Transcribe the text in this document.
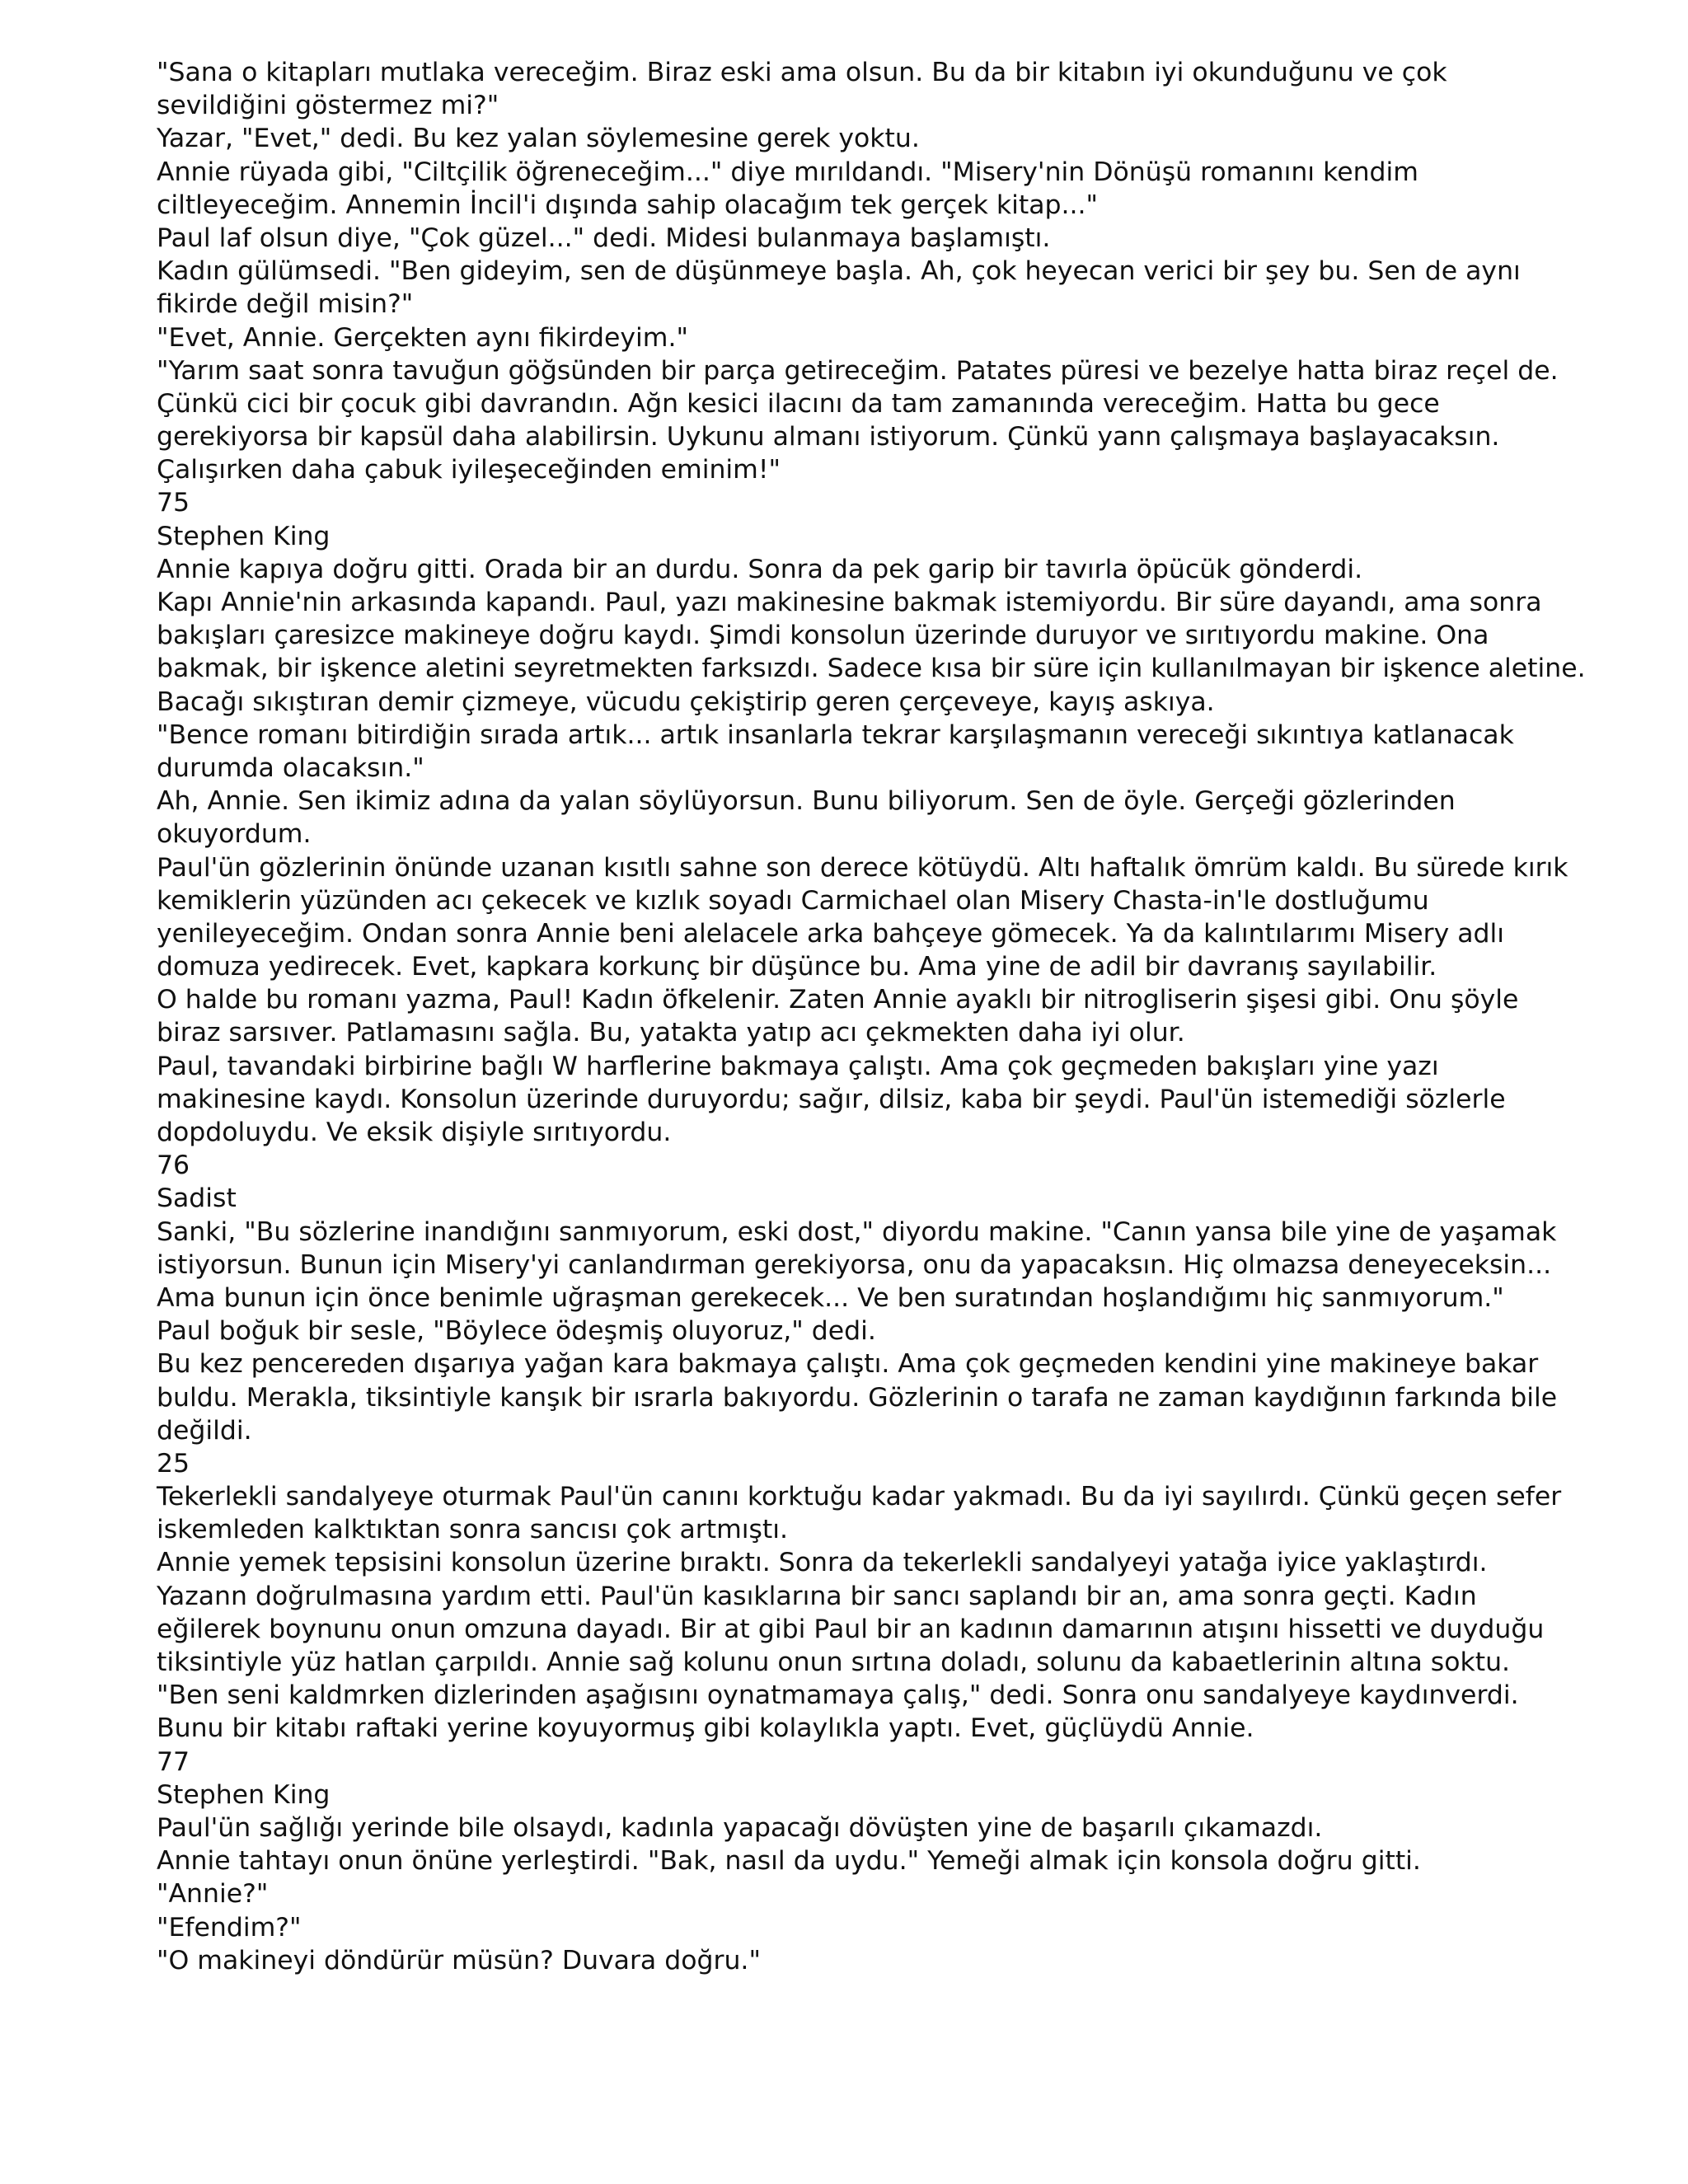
"Sana o kitapları mutlaka vereceğim. Biraz eski ama olsun. Bu da bir kitabın iyi okunduğunu ve çok
sevildiğini göstermez mi?"
Yazar, "Evet," dedi. Bu kez yalan söylemesine gerek yoktu.
Annie rüyada gibi, "Ciltçilik öğreneceğim..." diye mırıldandı. "Misery'nin Dönüşü romanını kendim
ciltleyeceğim. Annemin İncil'i dışında sahip olacağım tek gerçek kitap..."
Paul laf olsun diye, "Çok güzel..." dedi. Midesi bulanmaya başlamıştı.
Kadın gülümsedi. "Ben gideyim, sen de düşünmeye başla. Ah, çok heyecan verici bir şey bu. Sen de aynı
fikirde değil misin?"
"Evet, Annie. Gerçekten aynı fikirdeyim."
"Yarım saat sonra tavuğun göğsünden bir parça getireceğim. Patates püresi ve bezelye hatta biraz reçel de.
Çünkü cici bir çocuk gibi davrandın. Ağn kesici ilacını da tam zamanında vereceğim. Hatta bu gece
gerekiyorsa bir kapsül daha alabilirsin. Uykunu almanı istiyorum. Çünkü yann çalışmaya başlayacaksın.
Çalışırken daha çabuk iyileşeceğinden eminim!"
75
Stephen King
Annie kapıya doğru gitti. Orada bir an durdu. Sonra da pek garip bir tavırla öpücük gönderdi.
Kapı Annie'nin arkasında kapandı. Paul, yazı makinesine bakmak istemiyordu. Bir süre dayandı, ama sonra
bakışları çaresizce makineye doğru kaydı. Şimdi konsolun üzerinde duruyor ve sırıtıyordu makine. Ona
bakmak, bir işkence aletini seyretmekten farksızdı. Sadece kısa bir süre için kullanılmayan bir işkence aletine.
Bacağı sıkıştıran demir çizmeye, vücudu çekiştirip geren çerçeveye, kayış askıya.
"Bence romanı bitirdiğin sırada artık... artık insanlarla tekrar karşılaşmanın vereceği sıkıntıya katlanacak
durumda olacaksın."
Ah, Annie. Sen ikimiz adına da yalan söylüyorsun. Bunu biliyorum. Sen de öyle. Gerçeği gözlerinden
okuyordum.
Paul'ün gözlerinin önünde uzanan kısıtlı sahne son derece kötüydü. Altı haftalık ömrüm kaldı. Bu sürede kırık
kemiklerin yüzünden acı çekecek ve kızlık soyadı Carmichael olan Misery Chasta-in'le dostluğumu
yenileyeceğim. Ondan sonra Annie beni alelacele arka bahçeye gömecek. Ya da kalıntılarımı Misery adlı
domuza yedirecek. Evet, kapkara korkunç bir düşünce bu. Ama yine de adil bir davranış sayılabilir.
O halde bu romanı yazma, Paul! Kadın öfkelenir. Zaten Annie ayaklı bir nitrogliserin şişesi gibi. Onu şöyle
biraz sarsıver. Patlamasını sağla. Bu, yatakta yatıp acı çekmekten daha iyi olur.
Paul, tavandaki birbirine bağlı W harflerine bakmaya çalıştı. Ama çok geçmeden bakışları yine yazı
makinesine kaydı. Konsolun üzerinde duruyordu; sağır, dilsiz, kaba bir şeydi. Paul'ün istemediği sözlerle
dopdoluydu. Ve eksik dişiyle sırıtıyordu.
76
Sadist
Sanki, "Bu sözlerine inandığını sanmıyorum, eski dost," diyordu makine. "Canın yansa bile yine de yaşamak
istiyorsun. Bunun için Misery'yi canlandırman gerekiyorsa, onu da yapacaksın. Hiç olmazsa deneyeceksin...
Ama bunun için önce benimle uğraşman gerekecek... Ve ben suratından hoşlandığımı hiç sanmıyorum."
Paul boğuk bir sesle, "Böylece ödeşmiş oluyoruz," dedi.
Bu kez pencereden dışarıya yağan kara bakmaya çalıştı. Ama çok geçmeden kendini yine makineye bakar
buldu. Merakla, tiksintiyle kanşık bir ısrarla bakıyordu. Gözlerinin o tarafa ne zaman kaydığının farkında bile
değildi.
25
Tekerlekli sandalyeye oturmak Paul'ün canını korktuğu kadar yakmadı. Bu da iyi sayılırdı. Çünkü geçen sefer
iskemleden kalktıktan sonra sancısı çok artmıştı.
Annie yemek tepsisini konsolun üzerine bıraktı. Sonra da tekerlekli sandalyeyi yatağa iyice yaklaştırdı.
Yazann doğrulmasına yardım etti. Paul'ün kasıklarına bir sancı saplandı bir an, ama sonra geçti. Kadın
eğilerek boynunu onun omzuna dayadı. Bir at gibi Paul bir an kadının damarının atışını hissetti ve duyduğu
tiksintiyle yüz hatlan çarpıldı. Annie sağ kolunu onun sırtına doladı, solunu da kabaetlerinin altına soktu.
"Ben seni kaldmrken dizlerinden aşağısını oynatmamaya çalış," dedi. Sonra onu sandalyeye kaydınverdi.
Bunu bir kitabı raftaki yerine koyuyormuş gibi kolaylıkla yaptı. Evet, güçlüydü Annie.
77
Stephen King
Paul'ün sağlığı yerinde bile olsaydı, kadınla yapacağı dövüşten yine de başarılı çıkamazdı.
Annie tahtayı onun önüne yerleştirdi. "Bak, nasıl da uydu." Yemeği almak için konsola doğru gitti.
"Annie?"
"Efendim?"
"O makineyi döndürür müsün? Duvara doğru."
